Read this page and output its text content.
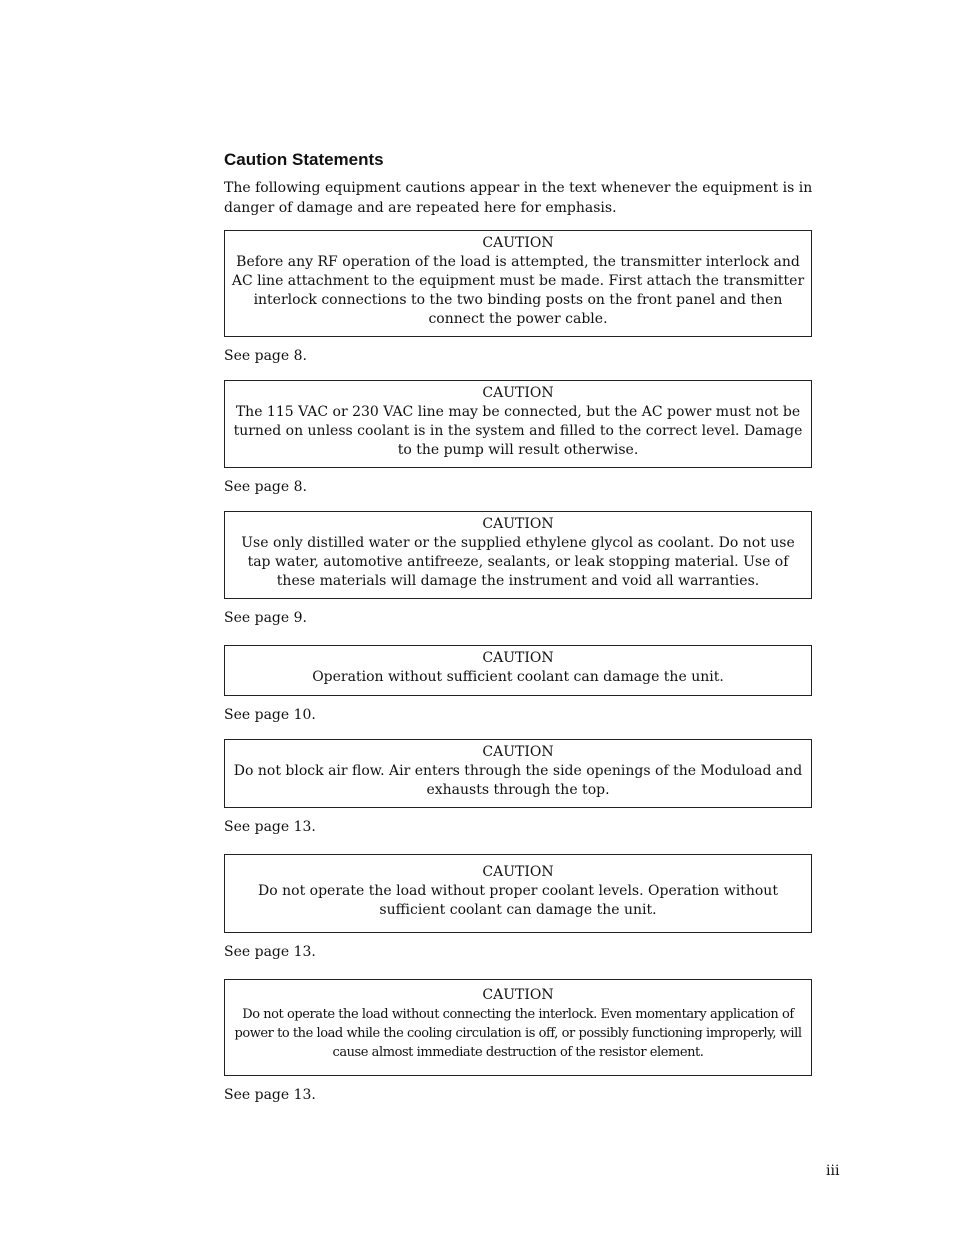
Caution Statements

The following equipment cautions appear in the text whenever the equipment is in danger of damage and are repeated here for emphasis.

CAUTION
Before any RF operation of the load is attempted, the transmitter interlock and AC line attachment to the equipment must be made. First attach the transmitter interlock connections to the two binding posts on the front panel and then connect the power cable.
See page 8.
CAUTION
The 115 VAC or 230 VAC line may be connected, but the AC power must not be turned on unless coolant is in the system and filled to the correct level. Damage to the pump will result otherwise.
See page 8.
CAUTION
Use only distilled water or the supplied ethylene glycol as coolant. Do not use tap water, automotive antifreeze, sealants, or leak stopping material. Use of these materials will damage the instrument and void all warranties.
See page 9.
CAUTION
Operation without sufficient coolant can damage the unit.
See page 10.
CAUTION
Do not block air flow. Air enters through the side openings of the Moduload and exhausts through the top.
See page 13.
CAUTION
Do not operate the load without proper coolant levels. Operation without sufficient coolant can damage the unit.
See page 13.
CAUTION
Do not operate the load without connecting the interlock. Even momentary application of power to the load while the cooling circulation is off, or possibly functioning improperly, will cause almost immediate destruction of the resistor element.
See page 13.
iii
